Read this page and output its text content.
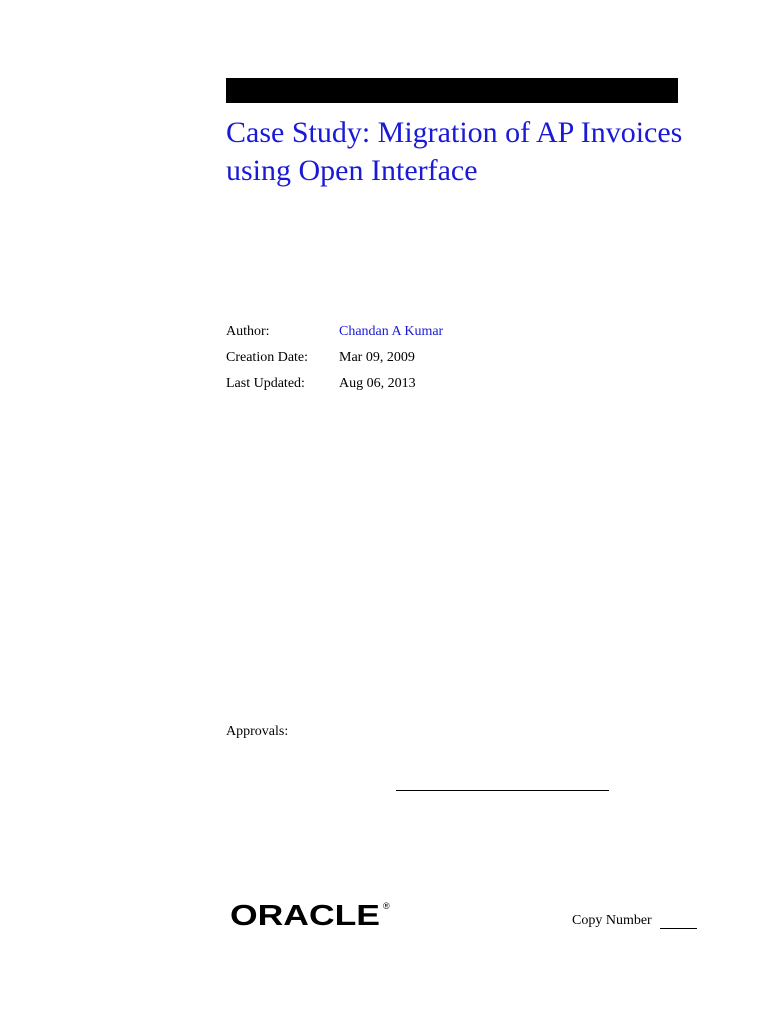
Case Study: Migration of AP Invoices using Open Interface
Author:	Chandan A Kumar
Creation Date:	Mar 09, 2009
Last Updated:	Aug 06, 2013
Approvals:
ORACLE ®
Copy Number
